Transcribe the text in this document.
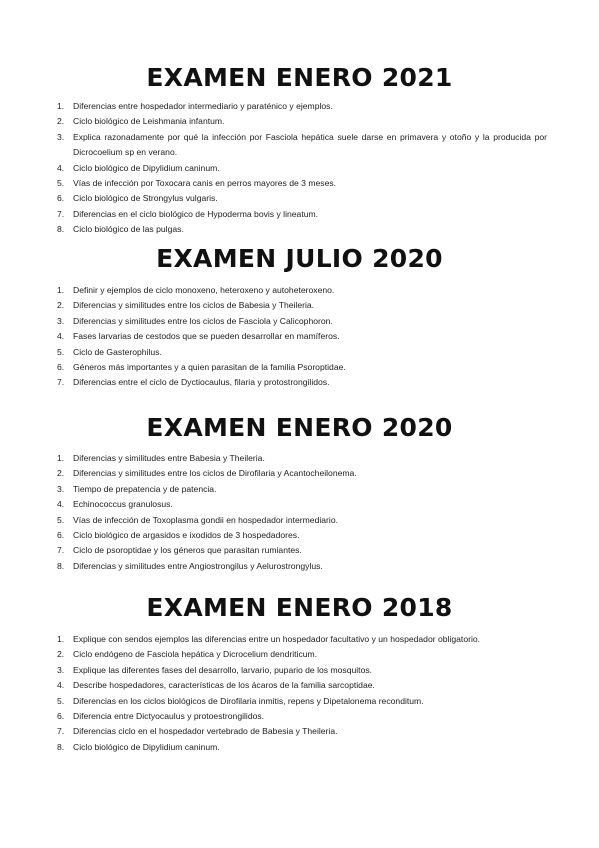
EXAMEN ENERO 2021
1. Diferencias entre hospedador intermediario y paraténico y ejemplos.
2. Ciclo biológico de Leishmania infantum.
3. Explica razonadamente por qué la infección por Fasciola hepática suele darse en primavera y otoño y la producida por Dicrocoelium sp en verano.
4. Ciclo biológico de Dipylidium caninum.
5. Vías de infección por Toxocara canis en perros mayores de 3 meses.
6. Ciclo biológico de Strongylus vulgaris.
7. Diferencias en el ciclo biológico de Hypoderma bovis y lineatum.
8. Ciclo biológico de las pulgas.
EXAMEN JULIO 2020
1. Definir y ejemplos de ciclo monoxeno, heteroxeno y autoheteroxeno.
2. Diferencias y similitudes entre los ciclos de Babesia y Theileria.
3. Diferencias y similitudes entre los ciclos de Fasciola y Calicophoron.
4. Fases larvarias de cestodos que se pueden desarrollar en mamíferos.
5. Ciclo de Gasterophilus.
6. Géneros más importantes y a quien parasitan de la familia Psoroptidae.
7. Diferencias entre el ciclo de Dyctiocaulus, filaria y protostrongilidos.
EXAMEN ENERO 2020
1. Diferencias y similitudes entre Babesia y Theileria.
2. Diferencias y similitudes entre los ciclos de Dirofilaria y Acantocheilonema.
3. Tiempo de prepatencia y de patencia.
4. Echinococcus granulosus.
5. Vías de infección de Toxoplasma gondii en hospedador intermediario.
6. Ciclo biológico de argasidos e ixodidos de 3 hospedadores.
7. Ciclo de psoroptidae y los géneros que parasitan rumiantes.
8. Diferencias y similitudes entre Angiostrongilus y Aelurostrongylus.
EXAMEN ENERO 2018
1. Explique con sendos ejemplos las diferencias entre un hospedador facultativo y un hospedador obligatorio.
2. Ciclo endógeno de Fasciola hepática y Dicrocelium dendriticum.
3. Explique las diferentes fases del desarrollo, larvario, pupario de los mosquitos.
4. Describe hospedadores, características de los ácaros de la familia sarcoptidae.
5. Diferencias en los ciclos biológicos de Dirofilaria inmitis, repens y Dipetalonema reconditum.
6. Diferencia entre Dictyocaulus y protoestrongilidos.
7. Diferencias ciclo en el hospedador vertebrado de Babesia y Theileria.
8. Ciclo biológico de Dipylidium caninum.
